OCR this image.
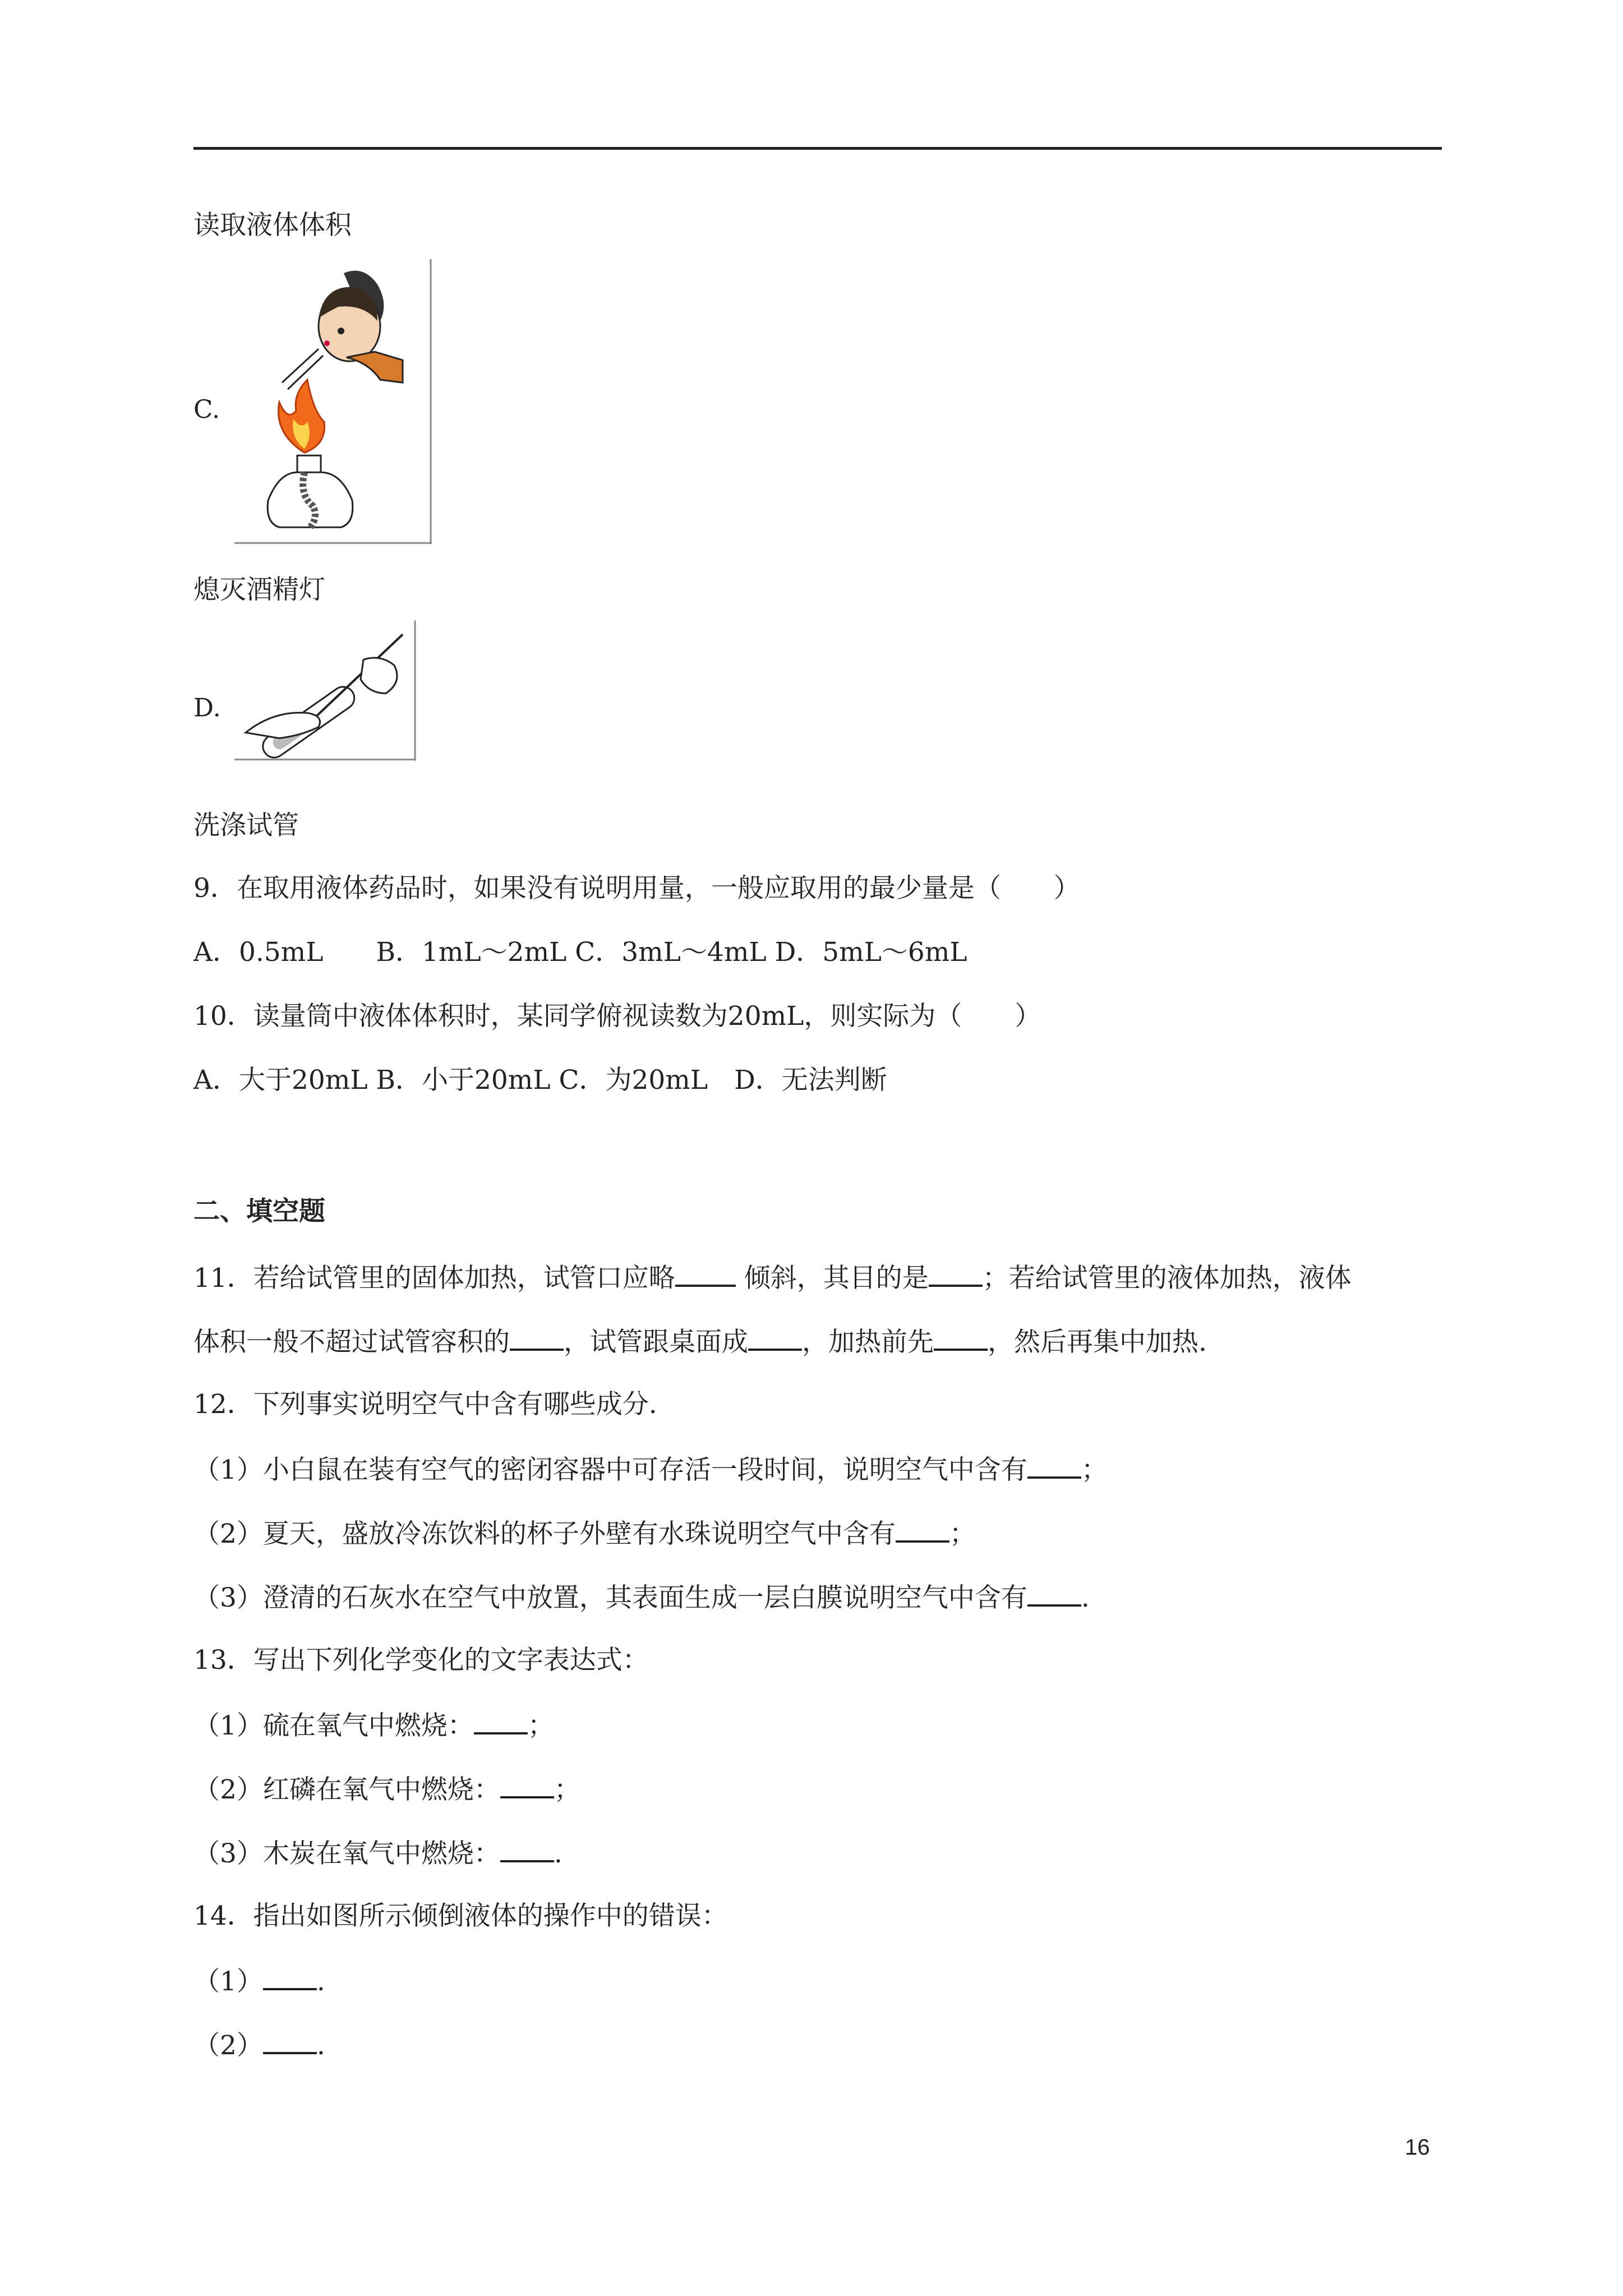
读取液体体积
C.
熄灭酒精灯
D.
洗涤试管
9．在取用液体药品时，如果没有说明用量，一般应取用的最少量是（　　）
A．0.5mL　　B．1mL～2mL C．3mL～4mL D．5mL～6mL
10．读量筒中液体体积时，某同学俯视读数为20mL，则实际为（　　）
A．大于20mL B．小于20mL C．为20mL　D．无法判断
二、填空题
11．若给试管里的固体加热，试管口应略 倾斜，其目的是 ；若给试管里的液体加热，液体
体积一般不超过试管容积的 ，试管跟桌面成 ，加热前先 ，然后再集中加热.
12．下列事实说明空气中含有哪些成分.
（1）小白鼠在装有空气的密闭容器中可存活一段时间，说明空气中含有 ；
（2）夏天，盛放冷冻饮料的杯子外壁有水珠说明空气中含有 ；
（3）澄清的石灰水在空气中放置，其表面生成一层白膜说明空气中含有 .
13．写出下列化学变化的文字表达式：
（1）硫在氧气中燃烧： ；
（2）红磷在氧气中燃烧： ；
（3）木炭在氧气中燃烧： .
14．指出如图所示倾倒液体的操作中的错误：
（1） .
（2） .
16
